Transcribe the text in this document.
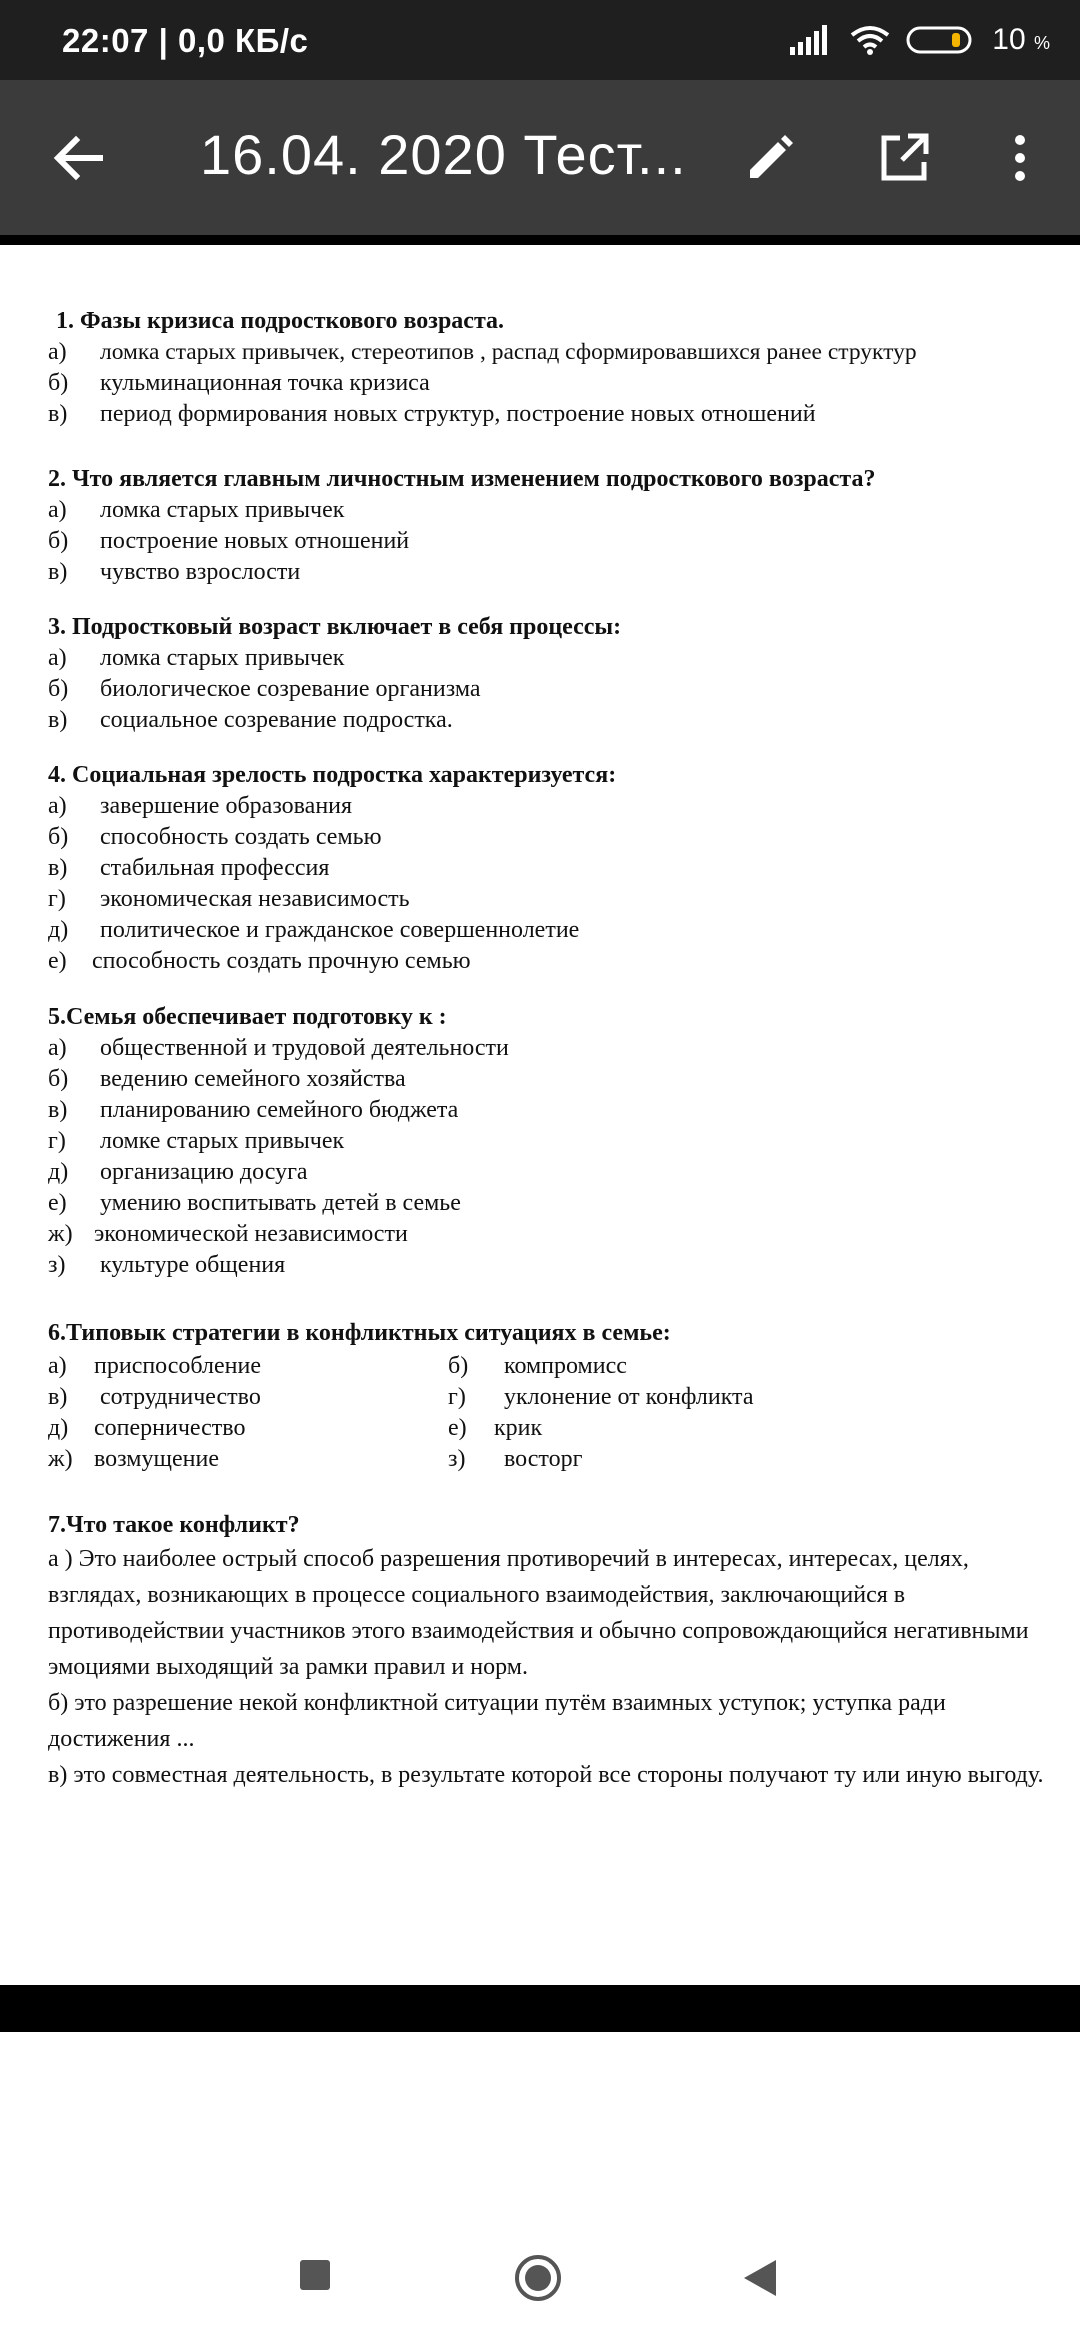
22:07 | 0,0 КБ/с	10 %
16.04. 2020 Тест...
1. Фазы кризиса подросткового возраста.
а)	ломка старых привычек, стереотипов , распад сформировавшихся ранее структур
б)	кульминационная точка кризиса
в)	период формирования новых структур, построение новых отношений
2. Что является главным личностным изменением подросткового возраста?
а)	ломка старых привычек
б)	построение новых отношений
в)	чувство взрослости
3. Подростковый возраст включает в себя процессы:
а)	ломка старых привычек
б)	биологическое созревание организма
в)	социальное созревание подростка.
4. Социальная зрелость подростка характеризуется:
а)	завершение образования
б)	способность создать семью
в)	стабильная профессия
г)	экономическая независимость
д)	политическое и гражданское совершеннолетие
е)	способность создать прочную семью
5.Семья обеспечивает подготовку к :
а)	общественной и трудовой деятельности
б)	ведению семейного хозяйства
в)	планированию семейного бюджета
г)	ломке старых привычек
д)	организацию досуга
е)	умению воспитывать детей в семье
ж) экономической независимости
з)	культуре общения
6.Типовык стратегии в конфликтных ситуациях в семье:
а)	приспособление	б)	компромисс
в)	сотрудничество	г)	уклонение от конфликта
д)	соперничество	е)	крик
ж) возмущение	з)	восторг
7.Что такое конфликт?
а ) Это наиболее острый способ разрешения противоречий в интересах, интересах, целях, взглядах, возникающих в процессе социального взаимодействия, заключающийся в противодействии участников этого взаимодействия и обычно сопровождающийся негативными эмоциями выходящий за рамки правил и норм.
б) это разрешение некой конфликтной ситуации путём взаимных уступок; уступка ради достижения ...
в) это совместная деятельность, в результате которой все стороны получают ту или иную выгоду.
